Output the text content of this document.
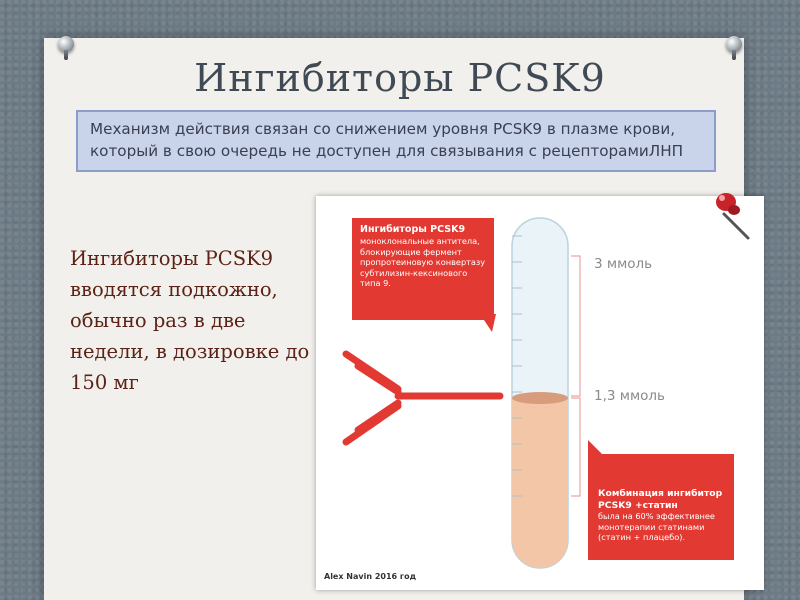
Ингибиторы PCSK9
Механизм действия связан со снижением уровня PCSK9 в плазме крови, который в свою очередь не доступен для связывания с рецепторамиЛНП
Ингибиторы PCSK9 вводятся подкожно, обычно раз в две недели, в дозировке до 150 мг
Ингибиторы PCSK9
моноклональные антитела, блокирующие фермент пропротеиновую конвертазу субтилизин-кексинового типа 9.
3 ммоль
1,3 ммоль
Комбинация ингибитор PCSK9 +статин
была на 60% эффективнее монотерапии статинами (статин + плацебо).
Alex Navin 2016 год
